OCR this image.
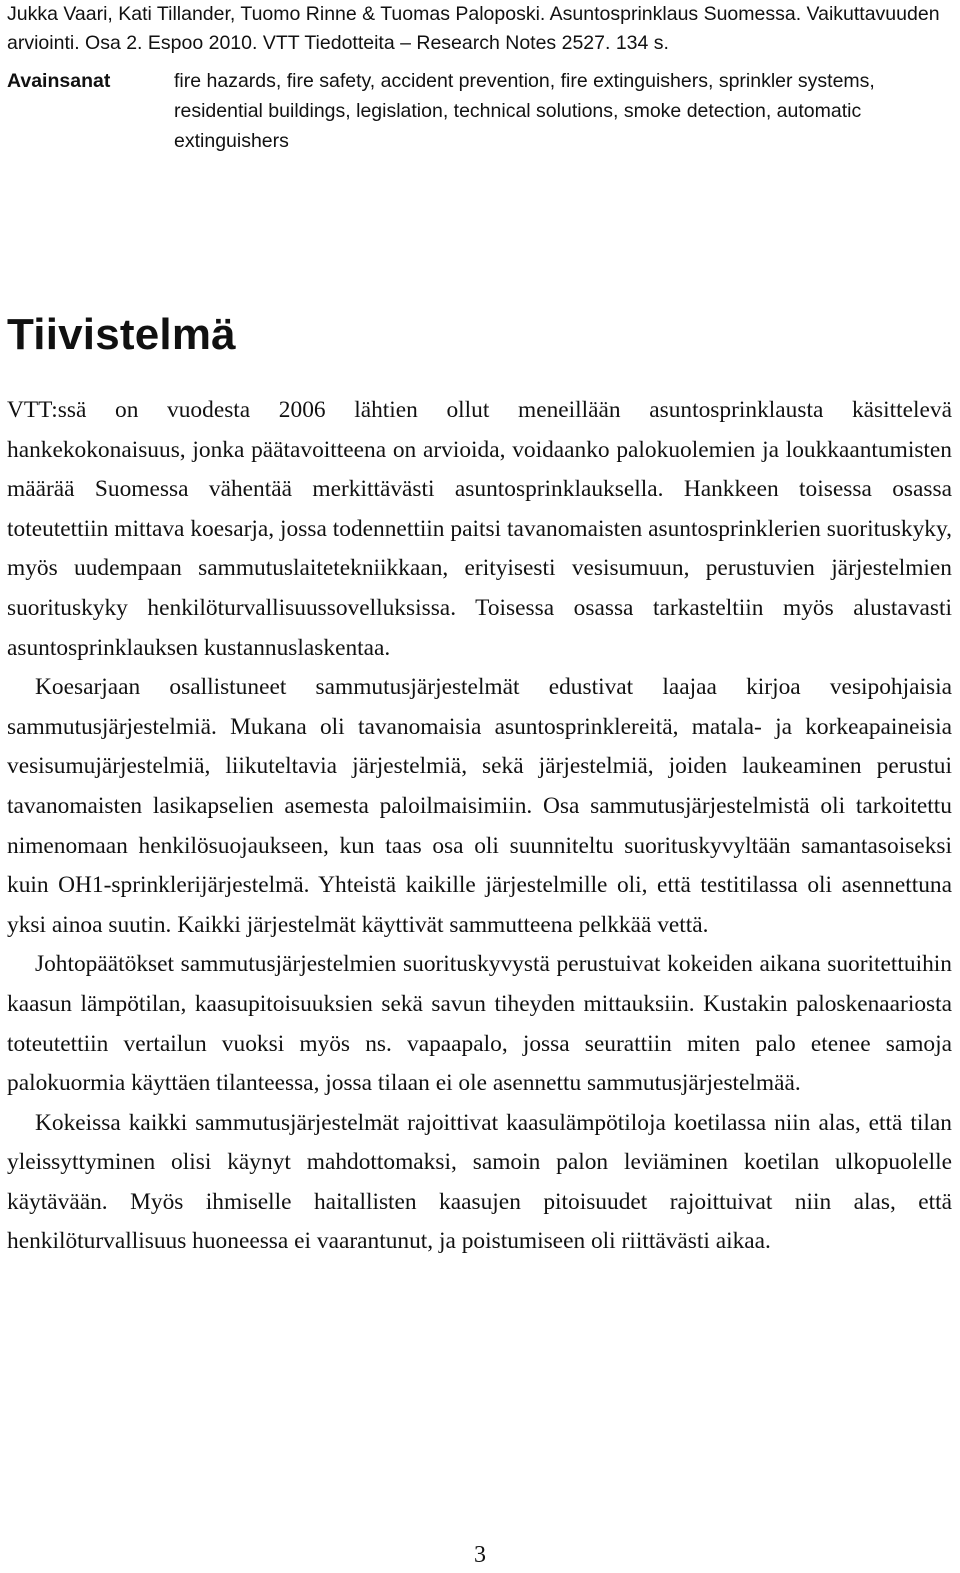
Jukka Vaari, Kati Tillander, Tuomo Rinne & Tuomas Paloposki. Asuntosprinklaus Suomessa. Vaikuttavuuden arviointi. Osa 2. Espoo 2010. VTT Tiedotteita – Research Notes 2527. 134 s.

Avainsanat	fire hazards, fire safety, accident prevention, fire extinguishers, sprinkler systems, residential buildings, legislation, technical solutions, smoke detection, automatic extinguishers

Tiivistelmä

VTT:ssä on vuodesta 2006 lähtien ollut meneillään asuntosprinklausta käsittelevä hankekokonaisuus, jonka päätavoitteena on arvioida, voidaanko palokuolemien ja loukkaantumisten määrää Suomessa vähentää merkittävästi asuntosprinklauksella. Hankkeen toisessa osassa toteutettiin mittava koesarja, jossa todennettiin paitsi tavanomaisten asuntosprinklerien suorituskyky, myös uudempaan sammutuslaitetekniikkaan, erityisesti vesisumuun, perustuvien järjestelmien suorituskyky henkilöturvallisuussovelluksissa. Toisessa osassa tarkasteltiin myös alustavasti asuntosprinklauksen kustannuslaskentaa.

Koesarjaan osallistuneet sammutusjärjestelmät edustivat laajaa kirjoa vesipohjaisia sammutusjärjestelmiä. Mukana oli tavanomaisia asuntosprinklereitä, matala- ja korkeapaineisia vesisumujärjestelmiä, liikuteltavia järjestelmiä, sekä järjestelmiä, joiden laukeaminen perustui tavanomaisten lasikapselien asemesta paloilmaisimiin. Osa sammutusjärjestelmistä oli tarkoitettu nimenomaan henkilösuojaukseen, kun taas osa oli suunniteltu suorituskyvyltään samantasoiseksi kuin OH1-sprinklerijärjestelmä. Yhteistä kaikille järjestelmille oli, että testitilassa oli asennettuna yksi ainoa suutin. Kaikki järjestelmät käyttivät sammutteena pelkkää vettä.

Johtopäätökset sammutusjärjestelmien suorituskyvystä perustuivat kokeiden aikana suoritettuihin kaasun lämpötilan, kaasupitoisuuksien sekä savun tiheyden mittauksiin. Kustakin paloskenaariosta toteutettiin vertailun vuoksi myös ns. vapaapalo, jossa seurattiin miten palo etenee samoja palokuormia käyttäen tilanteessa, jossa tilaan ei ole asennettu sammutusjärjestelmää.

Kokeissa kaikki sammutusjärjestelmät rajoittivat kaasulämpötiloja koetilassa niin alas, että tilan yleissyttyminen olisi käynyt mahdottomaksi, samoin palon leviäminen koetilan ulkopuolelle käytävään. Myös ihmiselle haitallisten kaasujen pitoisuudet rajoittuivat niin alas, että henkilöturvallisuus huoneessa ei vaarantunut, ja poistumiseen oli riittävästi aikaa.

3
